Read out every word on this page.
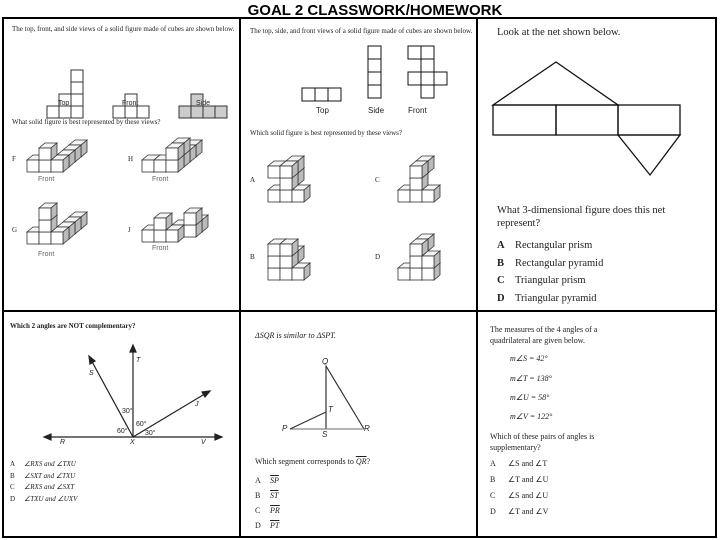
GOAL 2 CLASSWORK/HOMEWORK
The top, front, and side views of a solid figure made of cubes are shown below.
Top	Front	Side
What solid figure is best represented by these views?
F	H
G	J
Front	Front
Front
Front
The top, side, and front views of a solid figure made of cubes are shown below.
Top	Side	Front
Which solid figure is best represented by these views?
A	C
B	D
Look at the net shown below.
What 3-dimensional figure does this net
represent?
A Rectangular prism
B Rectangular pyramid
C Triangular prism
D Triangular pyramid
Which 2 angles are NOT complementary?
T
S
J
R	X	V
30°
60°
60°
30°
A ∠RXS and ∠TXU
B ∠SXT and ∠TXU
C ∠RXS and ∠SXT
D ∠TXU and ∠UXV
ΔSQR is similar to ΔSPT.
Q
T
P
S
R
Which segment corresponds to $\overline{QR}$?
A $\overline{SP}$
B $\overline{ST}$
C $\overline{PR}$
D $\overline{PT}$
The measures of the 4 angles of a
quadrilateral are given below.
m∠S = 42°
m∠T = 138°
m∠U = 58°
m∠V = 122°
Which of these pairs of angles is
supplementary?
A ∠S and ∠T
B ∠T and ∠U
C ∠S and ∠U
D ∠T and ∠V
